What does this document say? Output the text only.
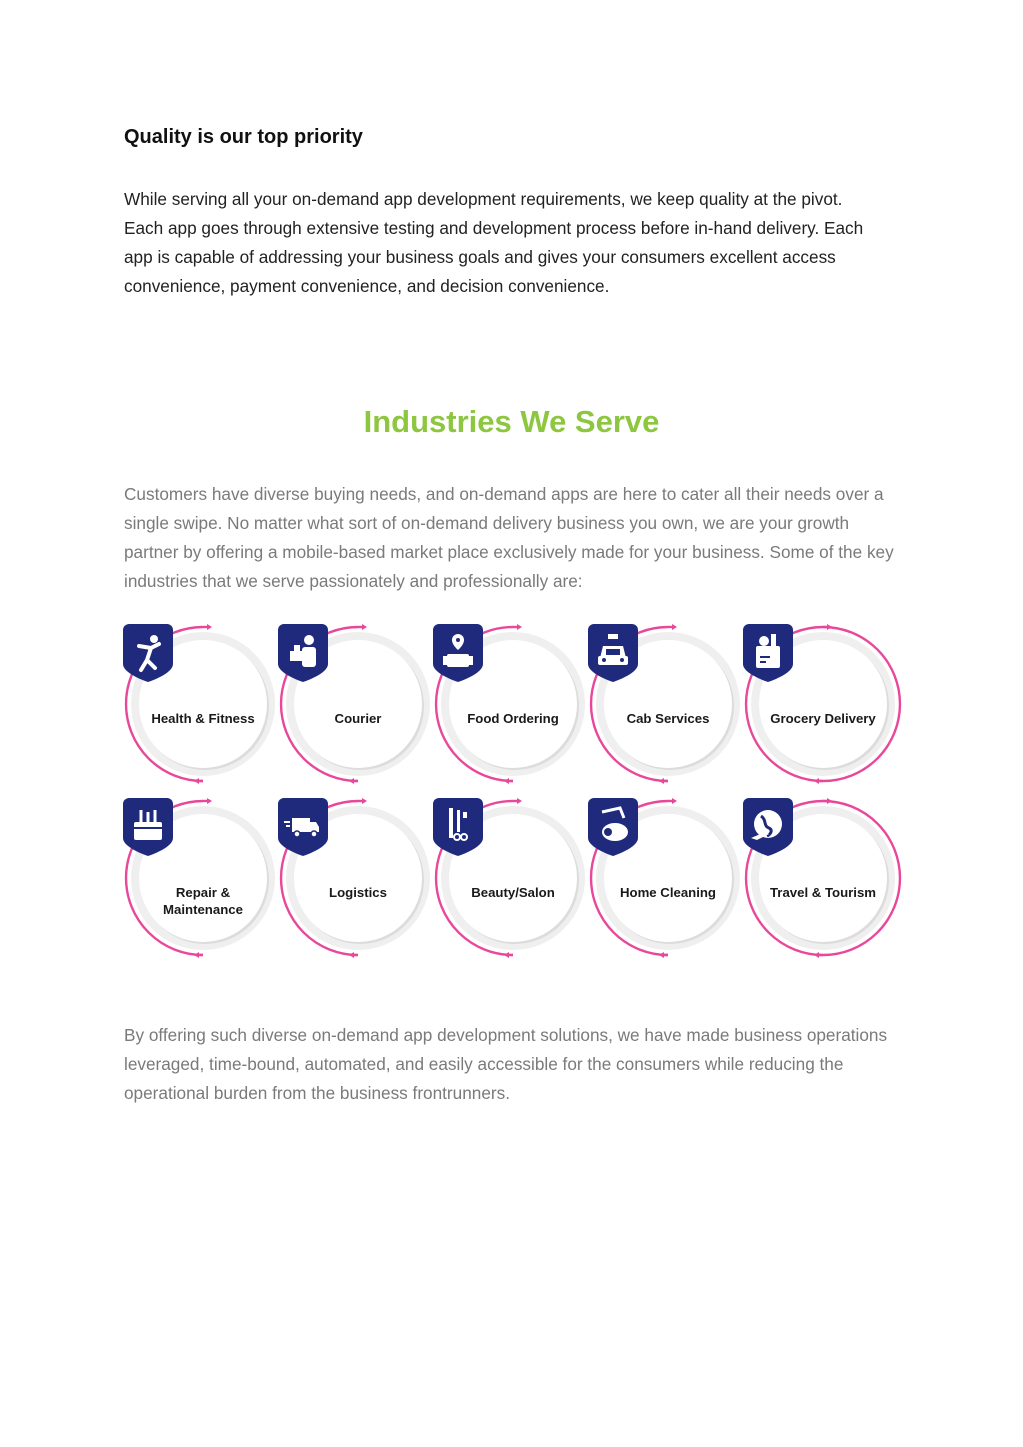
Quality is our top priority

While serving all your on-demand app development requirements, we keep quality at the pivot. Each app goes through extensive testing and development process before in-hand delivery. Each app is capable of addressing your business goals and gives your consumers excellent access convenience, payment convenience, and decision convenience.

Industries We Serve

Customers have diverse buying needs, and on-demand apps are here to cater all their needs over a single swipe. No matter what sort of on-demand delivery business you own, we are your growth partner by offering a mobile-based market place exclusively made for your business. Some of the key industries that we serve passionately and professionally are:

Health & Fitness	Courier	Food Ordering	Cab Services	Grocery Delivery
Repair &
Maintenance
Logistics	Beauty/Salon	Home Cleaning	Travel & Tourism

By offering such diverse on-demand app development solutions, we have made business operations leveraged, time-bound, automated, and easily accessible for the consumers while reducing the operational burden from the business frontrunners.
